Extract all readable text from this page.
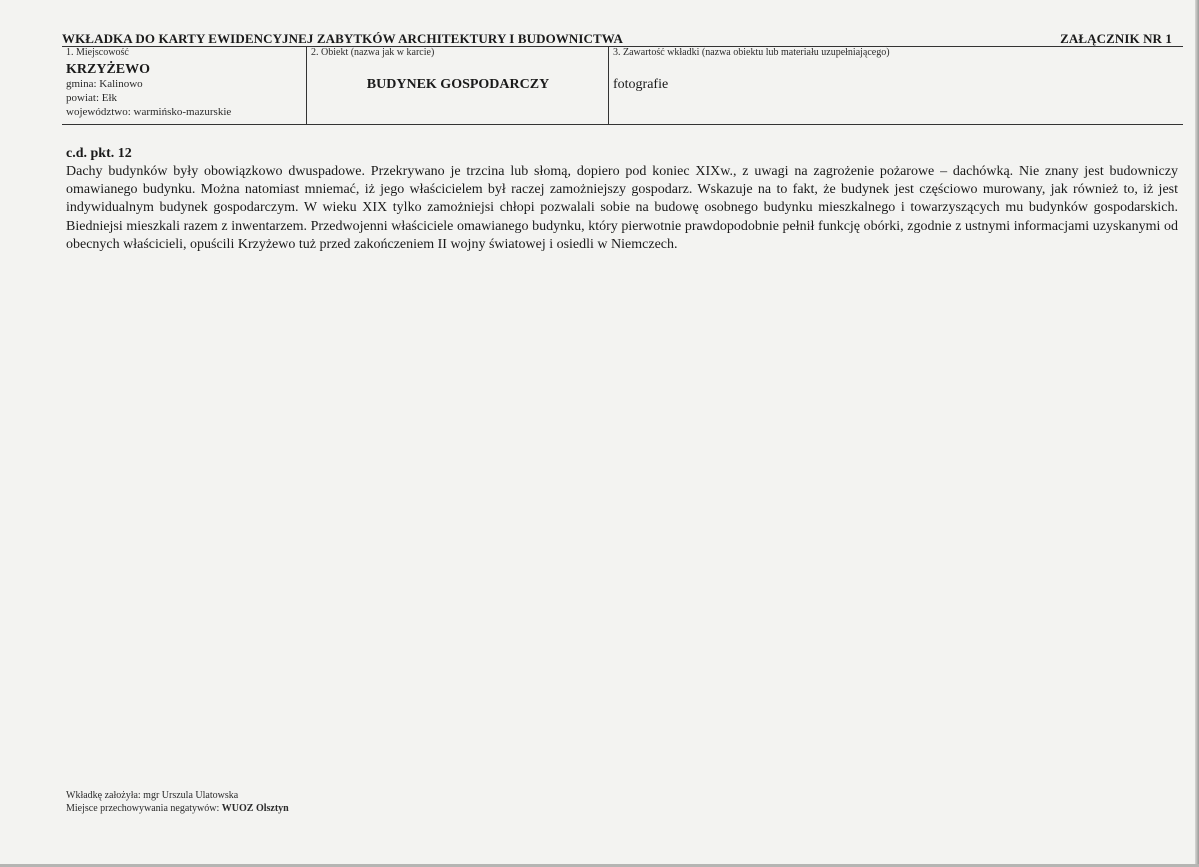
WKŁADKA DO KARTY EWIDENCYJNEJ ZABYTKÓW ARCHITEKTURY I BUDOWNICTWA	ZAŁĄCZNIK NR 1
1. Miejscowość
KRZYŻEWO
gmina: Kalinowo
powiat: Ełk
województwo: warmińsko-mazurskie
2. Obiekt (nazwa jak w karcie)
BUDYNEK GOSPODARCZY
3. Zawartość wkładki (nazwa obiektu lub materiału uzupełniającego)
fotografie
c.d. pkt. 12

Dachy budynków były obowiązkowo dwuspadowe. Przekrywano je trzcina lub słomą, dopiero pod koniec XIXw., z uwagi na zagrożenie pożarowe – dachówką. Nie znany jest budowniczy omawianego budynku. Można natomiast mniemać, iż jego właścicielem był raczej zamożniejszy gospodarz. Wskazuje na to fakt, że budynek jest częściowo murowany, jak również to, iż jest indywidualnym budynek gospodarczym. W wieku XIX tylko zamożniejsi chłopi pozwalali sobie na budowę osobnego budynku mieszkalnego i towarzyszących mu budynków gospodarskich. Biedniejsi mieszkali razem z inwentarzem. Przedwojenni właściciele omawianego budynku, który pierwotnie prawdopodobnie pełnił funkcję obórki, zgodnie z ustnymi informacjami uzyskanymi od obecnych właścicieli, opuścili Krzyżewo tuż przed zakończeniem II wojny światowej i osiedli w Niemczech.

Wkładkę założyła: mgr Urszula Ulatowska
Miejsce przechowywania negatywów: WUOZ Olsztyn
